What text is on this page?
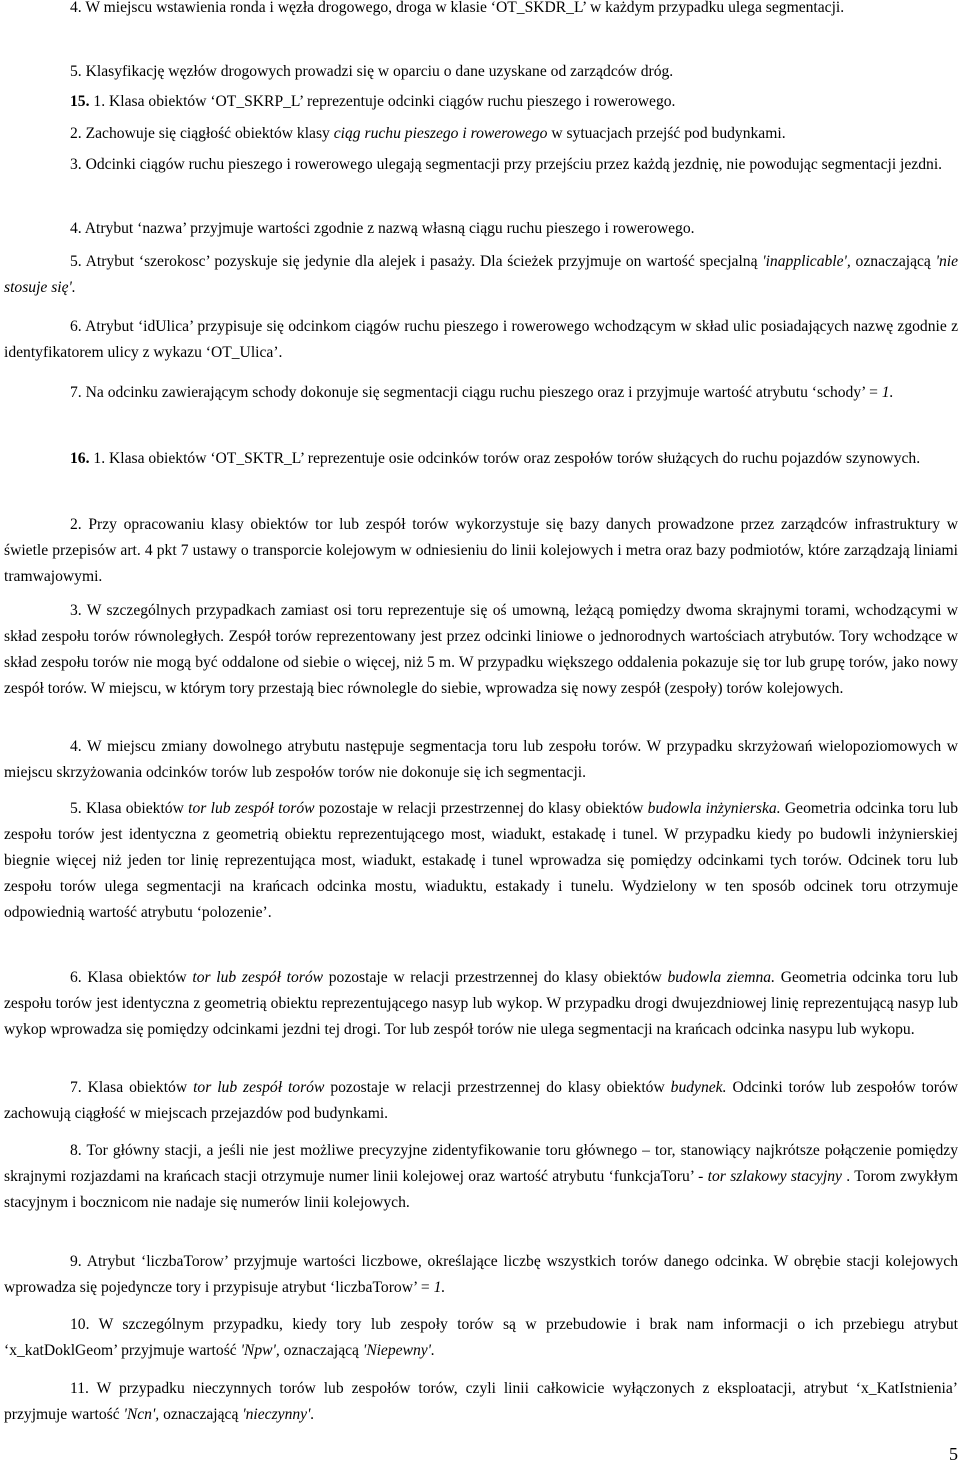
4. W miejscu wstawienia ronda i węzła drogowego, droga w klasie ‘OT_SKDR_L’ w każdym przypadku ulega segmentacji.
5. Klasyfikację węzłów drogowych prowadzi się w oparciu o dane uzyskane od zarządców dróg.
15. 1. Klasa obiektów ‘OT_SKRP_L’ reprezentuje odcinki ciągów ruchu pieszego i rowerowego.
2. Zachowuje się ciągłość obiektów klasy ciąg ruchu pieszego i rowerowego w sytuacjach przejść pod budynkami.
3. Odcinki ciągów ruchu pieszego i rowerowego ulegają segmentacji przy przejściu przez każdą jezdnię, nie powodując segmentacji jezdni.
4. Atrybut ‘nazwa’ przyjmuje wartości zgodnie z nazwą własną ciągu ruchu pieszego i rowerowego.
5. Atrybut ‘szerokosc’ pozyskuje się jedynie dla alejek i pasaży. Dla ścieżek przyjmuje on wartość specjalną 'inapplicable', oznaczającą 'nie stosuje się'.
6. Atrybut ‘idUlica’ przypisuje się odcinkom ciągów ruchu pieszego i rowerowego wchodzącym w skład ulic posiadających nazwę zgodnie z identyfikatorem ulicy z wykazu ‘OT_Ulica’.
7. Na odcinku zawierającym schody dokonuje się segmentacji ciągu ruchu pieszego oraz i przyjmuje wartość atrybutu ‘schody’ = 1.
16. 1. Klasa obiektów ‘OT_SKTR_L’ reprezentuje osie odcinków torów oraz zespołów torów służących do ruchu pojazdów szynowych.
2. Przy opracowaniu klasy obiektów tor lub zespół torów wykorzystuje się bazy danych prowadzone przez zarządców infrastruktury w świetle przepisów art. 4 pkt 7 ustawy o transporcie kolejowym w odniesieniu do linii kolejowych i metra oraz bazy podmiotów, które zarządzają liniami tramwajowymi.
3. W szczególnych przypadkach zamiast osi toru reprezentuje się oś umowną, leżącą pomiędzy dwoma skrajnymi torami, wchodzącymi w skład zespołu torów równoległych. Zespół torów reprezentowany jest przez odcinki liniowe o jednorodnych wartościach atrybutów. Tory wchodzące w skład zespołu torów nie mogą być oddalone od siebie o więcej, niż 5 m. W przypadku większego oddalenia pokazuje się tor lub grupę torów, jako nowy zespół torów. W miejscu, w którym tory przestają biec równolegle do siebie, wprowadza się nowy zespół (zespoły) torów kolejowych.
4. W miejscu zmiany dowolnego atrybutu następuje segmentacja toru lub zespołu torów. W przypadku skrzyżowań wielopoziomowych w miejscu skrzyżowania odcinków torów lub zespołów torów nie dokonuje się ich segmentacji.
5. Klasa obiektów tor lub zespół torów pozostaje w relacji przestrzennej do klasy obiektów budowla inżynierska. Geometria odcinka toru lub zespołu torów jest identyczna z geometrią obiektu reprezentującego most, wiadukt, estakadę i tunel. W przypadku kiedy po budowli inżynierskiej biegnie więcej niż jeden tor linię reprezentująca most, wiadukt, estakadę i tunel wprowadza się pomiędzy odcinkami tych torów. Odcinek toru lub zespołu torów ulega segmentacji na krańcach odcinka mostu, wiaduktu, estakady i tunelu. Wydzielony w ten sposób odcinek toru otrzymuje odpowiednią wartość atrybutu ‘polozenie’.
6. Klasa obiektów tor lub zespół torów pozostaje w relacji przestrzennej do klasy obiektów budowla ziemna. Geometria odcinka toru lub zespołu torów jest identyczna z geometrią obiektu reprezentującego nasyp lub wykop. W przypadku drogi dwujezdniowej linię reprezentującą nasyp lub wykop wprowadza się pomiędzy odcinkami jezdni tej drogi. Tor lub zespół torów nie ulega segmentacji na krańcach odcinka nasypu lub wykopu.
7. Klasa obiektów tor lub zespół torów pozostaje w relacji przestrzennej do klasy obiektów budynek. Odcinki torów lub zespołów torów zachowują ciągłość w miejscach przejazdów pod budynkami.
8. Tor główny stacji, a jeśli nie jest możliwe precyzyjne zidentyfikowanie toru głównego – tor, stanowiący najkrótsze połączenie pomiędzy skrajnymi rozjazdami na krańcach stacji otrzymuje numer linii kolejowej oraz wartość atrybutu ‘funkcjaToru’ - tor szlakowy stacyjny . Torom zwykłym stacyjnym i bocznicom nie nadaje się numerów linii kolejowych.
9. Atrybut ‘liczbaTorow’ przyjmuje wartości liczbowe, określające liczbę wszystkich torów danego odcinka. W obrębie stacji kolejowych wprowadza się pojedyncze tory i przypisuje atrybut ‘liczbaTorow’ = 1.
10. W szczególnym przypadku, kiedy tory lub zespoły torów są w przebudowie i brak nam informacji o ich przebiegu atrybut ‘x_katDoklGeom’ przyjmuje wartość 'Npw', oznaczającą 'Niepewny'.
11. W przypadku nieczynnych torów lub zespołów torów, czyli linii całkowicie wyłączonych z eksploatacji, atrybut ‘x_KatIstnienia’ przyjmuje wartość 'Ncn', oznaczającą 'nieczynny'.
5
